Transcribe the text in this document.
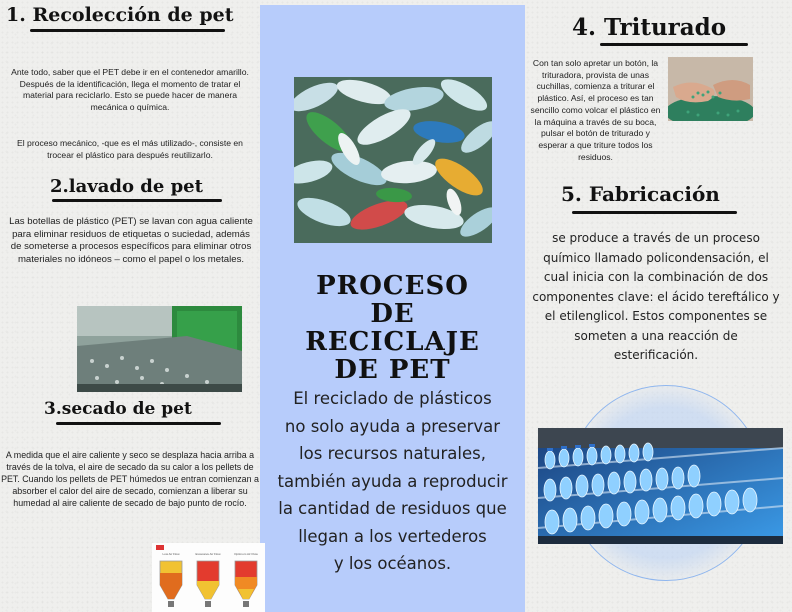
PROCESO
DE
RECICLAJE
DE PET
El reciclado de plásticos
no solo ayuda a preservar
los recursos naturales,
también ayuda a reproducir
la cantidad de residuos que
llegan a los vertederos
y los océanos.
1. Recolección de pet
Ante todo, saber que el PET debe ir en el contenedor amarillo. Después de la identificación, llega el momento de tratar el material para reciclarlo. Esto se puede hacer de manera mecánica o química.
El proceso mecánico, -que es el más utilizado-, consiste en trocear el plástico para después reutilizarlo.
2.lavado de pet
Las botellas de plástico (PET) se lavan con agua caliente para eliminar residuos de etiquetas o suciedad, además de someterse a procesos específicos para eliminar otros materiales no idóneos – como el papel o los metales.
3.secado de pet
A medida que el aire caliente y seco se desplaza hacia arriba a través de la tolva, el aire de secado da su calor a los pellets de PET. Cuando los pellets de PET húmedos ue entran comienzan a absorber el calor del aire de secado, comienzan a liberar su humedad al aire caliente de secado de bajo punto de rocío.
Low Air Flow	Excessive Air Flow	Optimum Air Flow
4. Triturado
Con tan solo apretar un botón, la trituradora, provista de unas cuchillas, comienza a triturar el plástico. Así, el proceso es tan sencillo como volcar el plástico en la máquina a través de su boca, pulsar el botón de triturado y esperar a que triture todos los residuos.
5. Fabricación
se produce a través de un proceso químico llamado policondensación, el cual inicia con la combinación de dos componentes clave: el ácido tereftálico y el etilenglicol. Estos componentes se someten a una reacción de esterificación.
